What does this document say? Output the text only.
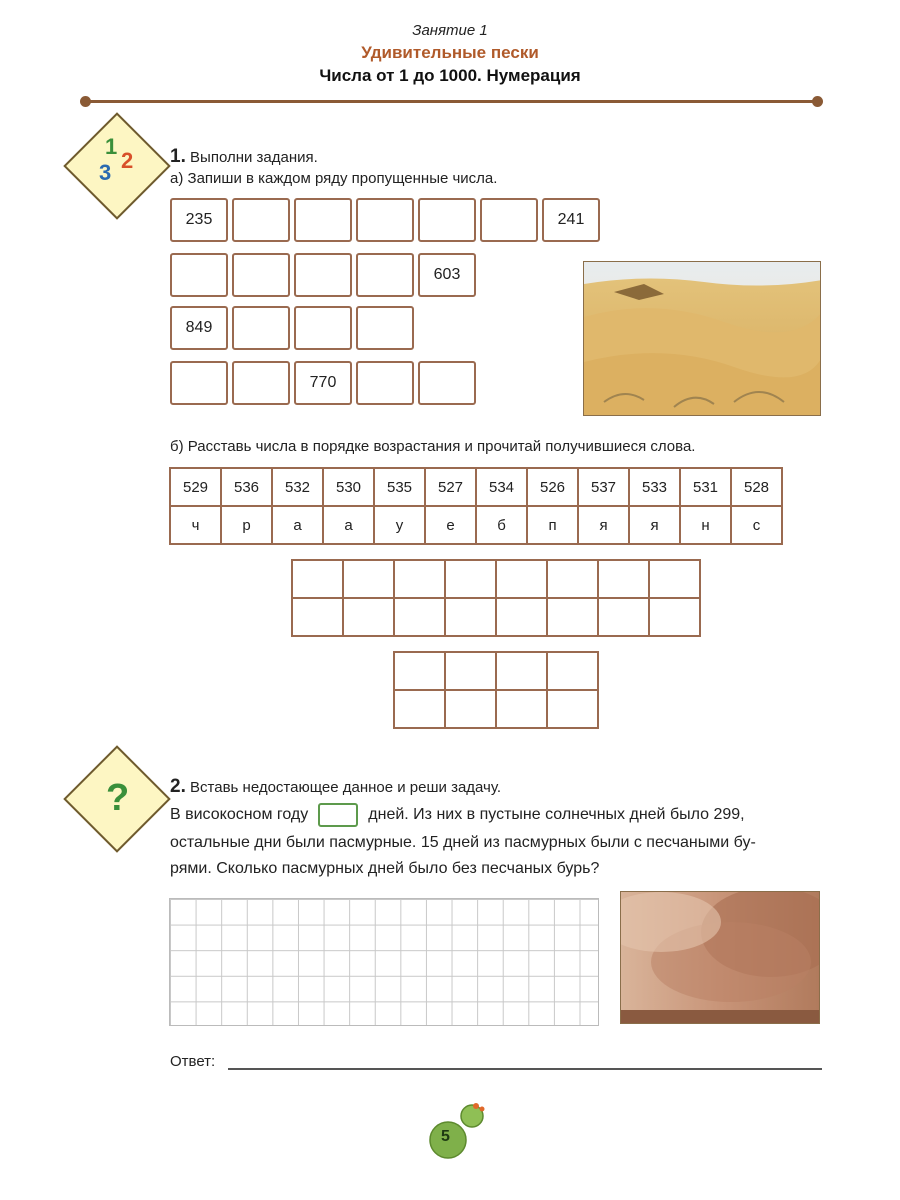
Занятие 1
Удивительные пески
Числа от 1 до 1000. Нумерация
1
2
3
1. Выполни задания.
а) Запиши в каждом ряду пропущенные числа.
235	241
603
849
770
б) Расставь числа в порядке возрастания и прочитай получившиеся слова.
529	536	532	530	535	527	534	526	537	533	531	528
ч	р	а	а	у	е	б	п	я	я	н	с

? 2. Вставь недостающее данное и реши задачу.
В високосном году	дней. Из них в пустыне солнечных дней было 299,
остальные дни были пасмурные. 15 дней из пасмурных были с песчаными бу-
рями. Сколько пасмурных дней было без песчаных бурь?
Ответ:
5
